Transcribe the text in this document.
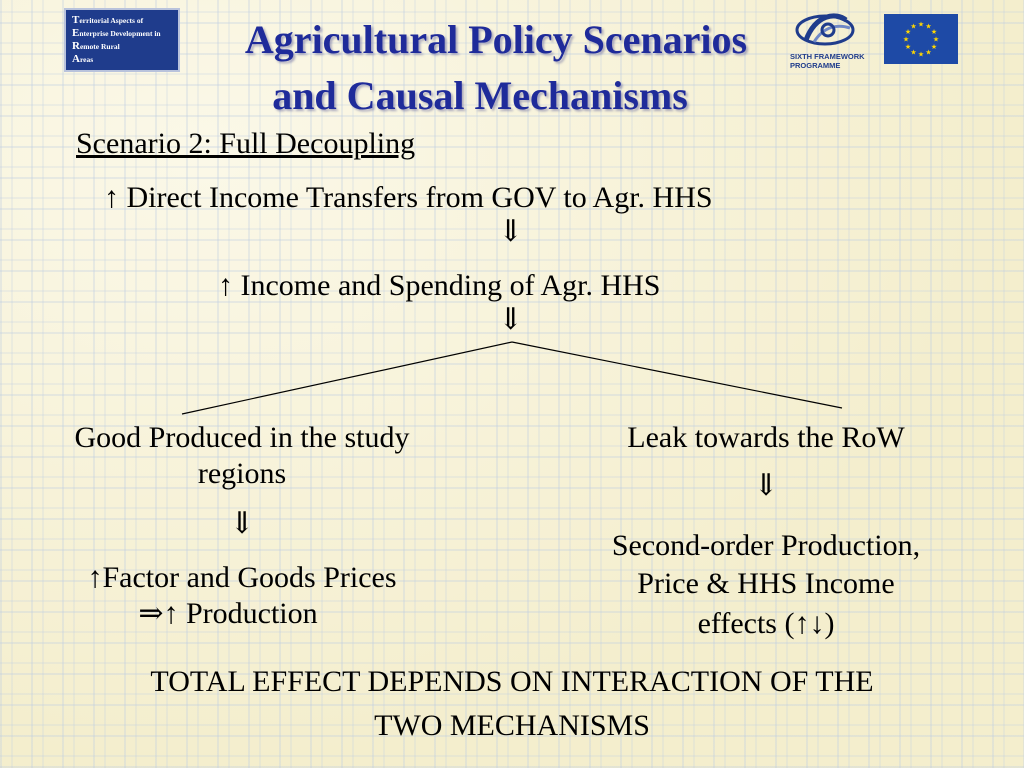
Territorial Aspects of
Enterprise Development in
Remote Rural
Areas	Agricultural Policy Scenarios
and Causal Mechanisms
SIXTH FRAMEWORK
PROGRAMME
★ ★
★
★
★
★
★
★
★
★
★
★
Scenario 2: Full Decoupling
↑ Direct Income Transfers from GOV to Agr. HHS
⇓
↑ Income and Spending of Agr. HHS
⇓
Good Produced in the study
regions
⇓
↑Factor and Goods Prices
⇒↑ Production
Leak towards the RoW
⇓
Second-order Production,
Price & HHS Income
effects (↑↓)
TOTAL EFFECT DEPENDS ON INTERACTION OF THE
TWO MECHANISMS
